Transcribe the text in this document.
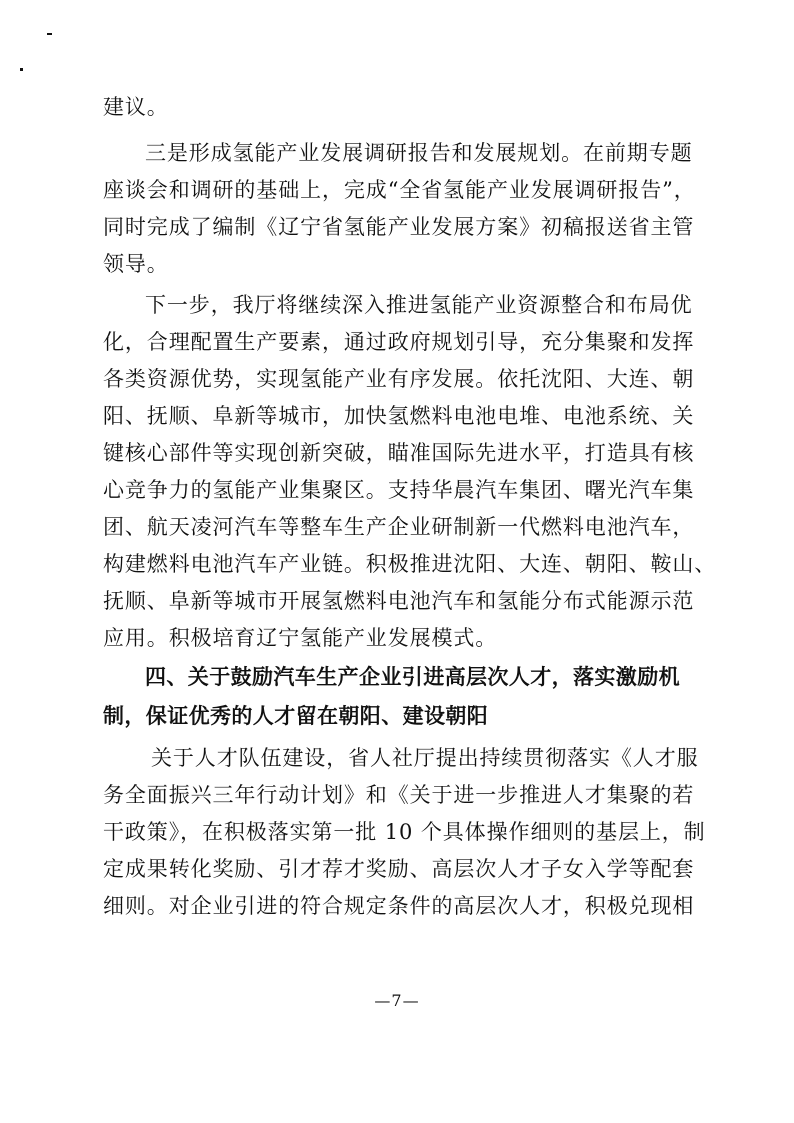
建议。
三是形成氢能产业发展调研报告和发展规划。在前期专题
座谈会和调研的基础上，完成“全省氢能产业发展调研报告”，
同时完成了编制《辽宁省氢能产业发展方案》初稿报送省主管
领导。
下一步，我厅将继续深入推进氢能产业资源整合和布局优
化，合理配置生产要素，通过政府规划引导，充分集聚和发挥
各类资源优势，实现氢能产业有序发展。依托沈阳、大连、朝
阳、抚顺、阜新等城市，加快氢燃料电池电堆、电池系统、关
键核心部件等实现创新突破，瞄准国际先进水平，打造具有核
心竞争力的氢能产业集聚区。支持华晨汽车集团、曙光汽车集
团、航天凌河汽车等整车生产企业研制新一代燃料电池汽车，
构建燃料电池汽车产业链。积极推进沈阳、大连、朝阳、鞍山、
抚顺、阜新等城市开展氢燃料电池汽车和氢能分布式能源示范
应用。积极培育辽宁氢能产业发展模式。
四、关于鼓励汽车生产企业引进高层次人才，落实激励机
制，保证优秀的人才留在朝阳、建设朝阳
关于人才队伍建设，省人社厅提出持续贯彻落实《人才服
务全面振兴三年行动计划》和《关于进一步推进人才集聚的若
干政策》，在积极落实第一批 10 个具体操作细则的基层上，制
定成果转化奖励、引才荐才奖励、高层次人才子女入学等配套
细则。对企业引进的符合规定条件的高层次人才，积极兑现相
—7—
